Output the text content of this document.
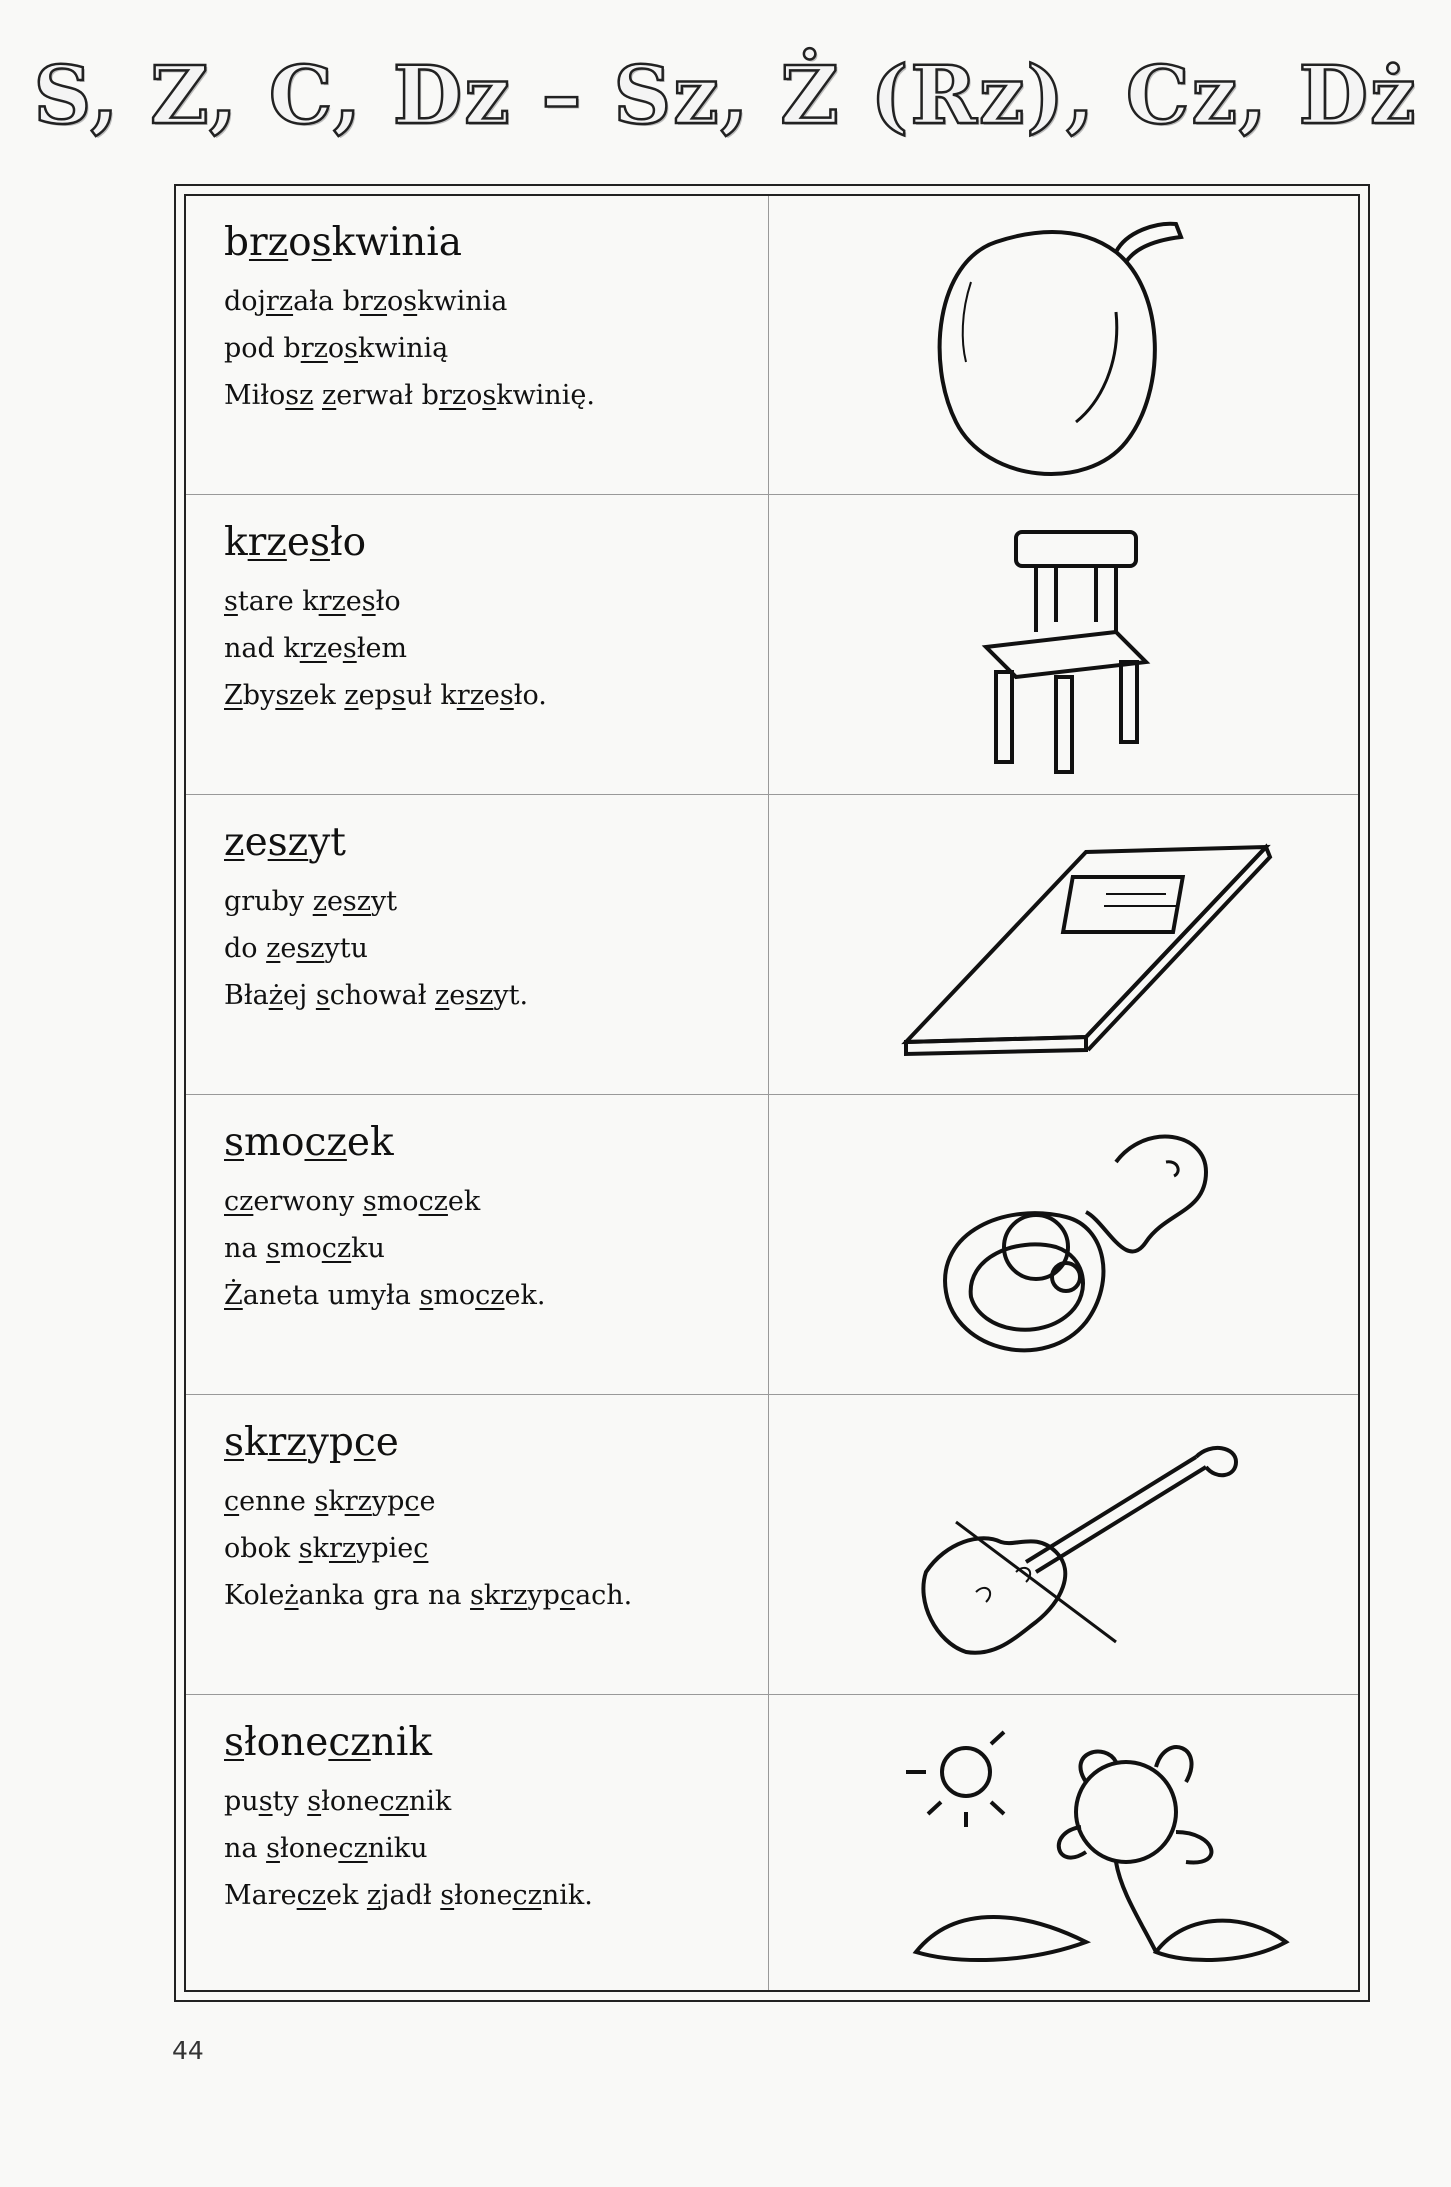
S, Z, C, Dz – Sz, Ż (Rz), Cz, Dż
brzoskwinia
dojrzała brzoskwinia
pod brzoskwinią
Miłosz zerwał brzoskwinię.
krzesło
stare krzesło
nad krzesłem
Zbyszek zepsuł krzesło.
zeszyt
gruby zeszyt
do zeszytu
Błażej schował zeszyt.
smoczek
czerwony smoczek
na smoczku
Żaneta umyła smoczek.
skrzypce
cenne skrzypce
obok skrzypiec
Koleżanka gra na skrzypcach.
słonecznik
pusty słonecznik
na słoneczniku
Mareczek zjadł słonecznik.
44
